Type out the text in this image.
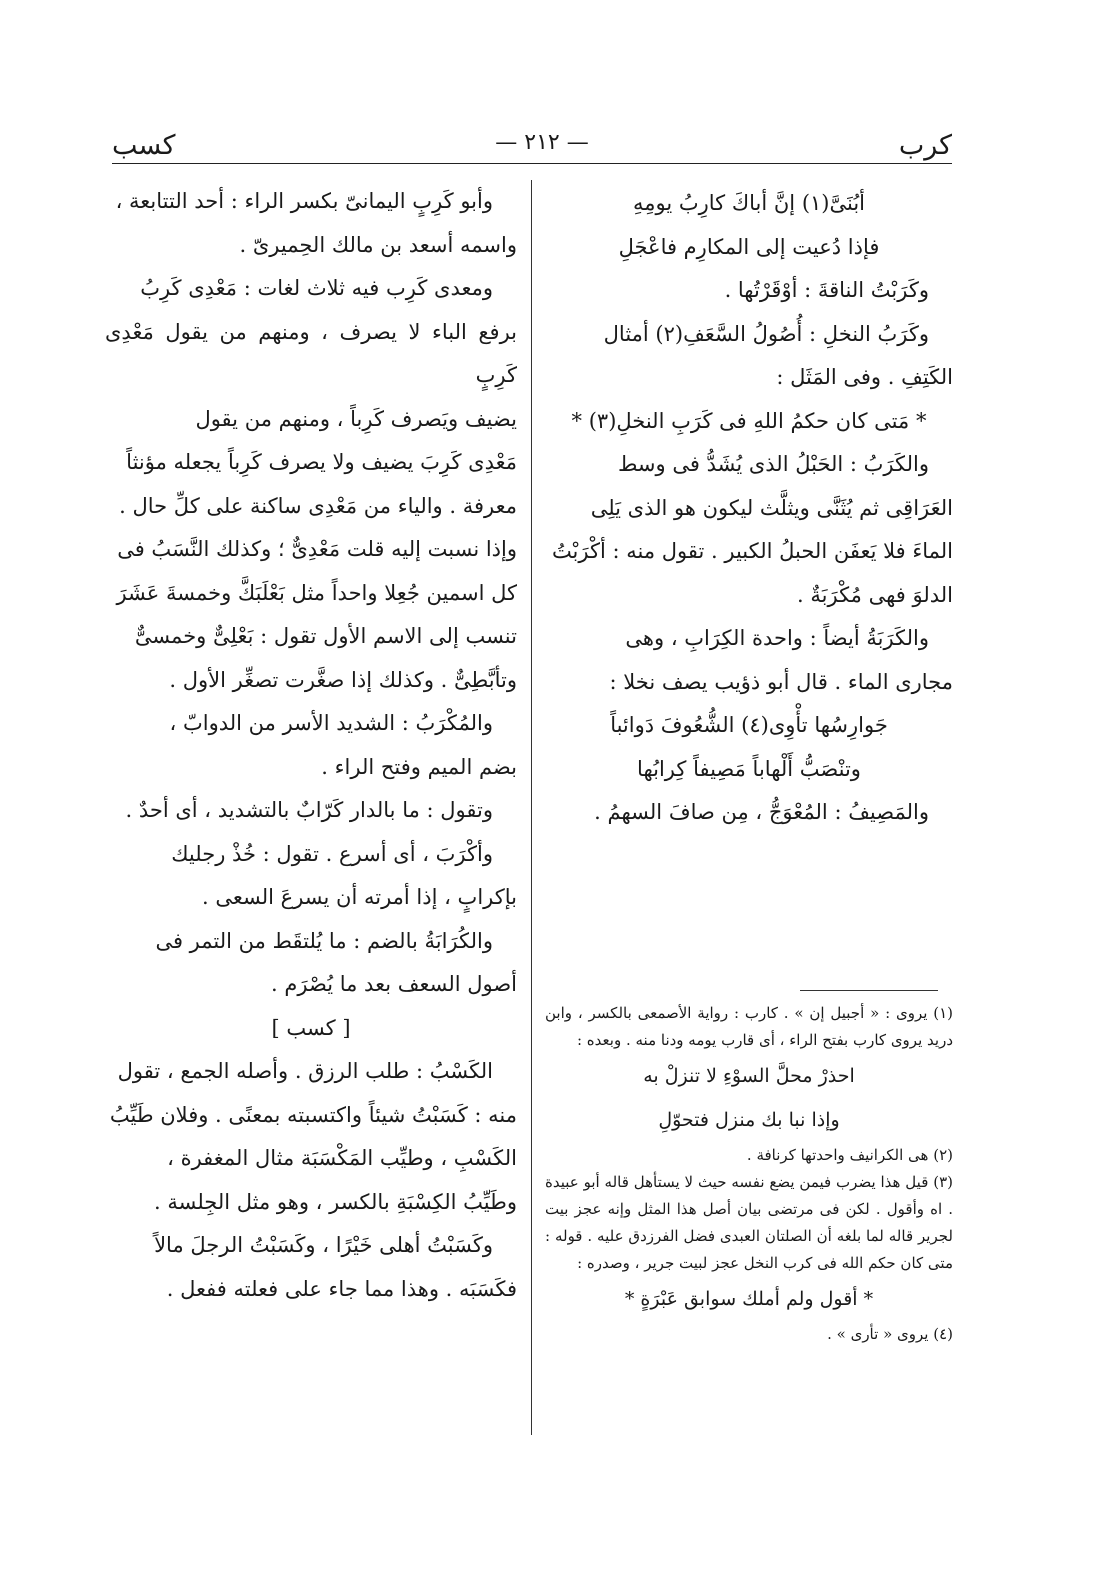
كرب
— ٢١٢ —
كسب

أبُنَىَّ(١) إنَّ أباكَ كارِبُ يومِهِ

فإذا دُعيت إلى المكارِم فاعْجَلِ

وكَرَبْتُ الناقةَ : أوْقَرْتُها .

وكَرَبُ النخلِ : أُصُولُ السَّعَفِ(٢) أمثال

الكَتِفِ . وفى المَثَل :

* مَتى كان حكمُ اللهِ فى كَرَبِ النخلِ(٣) *

والكَرَبُ : الحَبْلُ الذى يُشَدُّ فى وسط

العَرَاقِى ثم يُثَنَّى ويثلَّث ليكون هو الذى يَلِى

الماءَ فلا يَعفَن الحبلُ الكبير . تقول منه : أكْرَبْتُ

الدلوَ فهى مُكْرَبَةٌ .

والكَرَبَةُ أيضاً : واحدة الكِرَابِ ، وهى

مجارى الماء . قال أبو ذؤيب يصف نخلا :

جَوارِسُها تأْوِى(٤) الشُّعُوفَ دَوائباً

وتنْصَبُّ أَلْهاباً مَصِيفاً كِرابُها

والمَصِيفُ : المُعْوَجُّ ، مِن صافَ السهمُ .

(١) يروى : « أجبيل إن » . كارب : رواية الأصمعى بالكسر ، وابن دريد يروى كارب بفتح الراء ، أى قارب يومه ودنا منه . وبعده :

احذرْ محلَّ السوْءِ لا تنزلْ به

وإذا نبا بك منزل فتحوّلِ

(٢) هى الكرانيف واحدتها كرنافة .

(٣) قيل هذا يضرب فيمن يضع نفسه حيث لا يستأهل قاله أبو عبيدة . اه وأقول . لكن فى مرتضى بيان أصل هذا المثل وإنه عجز بيت لجرير قاله لما بلغه أن الصلتان العبدى فضل الفرزدق عليه . قوله : متى كان حكم الله فى كرب النخل عجز لبيت جرير ، وصدره :

* أقول ولم أملك سوابق عَبْرَةٍ *

(٤) يروى « تأرى » .

وأبو كَرِبٍ اليمانىّ بكسر الراء : أحد التتابعة ،

واسمه أسعد بن مالك الحِميرىّ .

ومعدى كَرِب فيه ثلاث لغات : مَعْدِى كَرِبُ

برفع الباء لا يصرف ، ومنهم من يقول مَعْدِى كَرِبٍ

يضيف ويَصرف كَرِباً ، ومنهم من يقول

مَعْدِى كَرِبَ يضيف ولا يصرف كَرِباً يجعله مؤنثاً

معرفة . والياء من مَعْدِى ساكنة على كلِّ حال .

وإذا نسبت إليه قلت مَعْدِىٌّ ؛ وكذلك النَّسَبُ فى

كل اسمين جُعِلا واحداً مثل بَعْلَبَكَّ وخمسةَ عَشَرَ

تنسب إلى الاسم الأول تقول : بَعْلِىٌّ وخمسىٌّ

وتأبَّطِىٌّ . وكذلك إذا صغَّرت تصغِّر الأول .

والمُكْرَبُ : الشديد الأسر من الدوابّ ،

بضم الميم وفتح الراء .

وتقول : ما بالدار كَرّابٌ بالتشديد ، أى أحدٌ .

وأكْرَبَ ، أى أسرع . تقول : خُذْ رجليك

بإكرابٍ ، إذا أمرته أن يسرعَ السعى .

والكُرَابَةُ بالضم : ما يُلتقَط من التمر فى

أصول السعف بعد ما يُصْرَم .

[ كسب ]

الكَسْبُ : طلب الرزق . وأصله الجمع ، تقول

منه : كَسَبْتُ شيئاً واكتسبته بمعنًى . وفلان طَيِّبُ

الكَسْبِ ، وطيِّب المَكْسَبَة مثال المغفرة ،

وطَيِّبُ الكِسْبَةِ بالكسر ، وهو مثل الجِلسة .

وكَسَبْتُ أهلى خَيْرًا ، وكَسَبْتُ الرجلَ مالاً

فكَسَبَه . وهذا مما جاء على فعلته ففعل .
